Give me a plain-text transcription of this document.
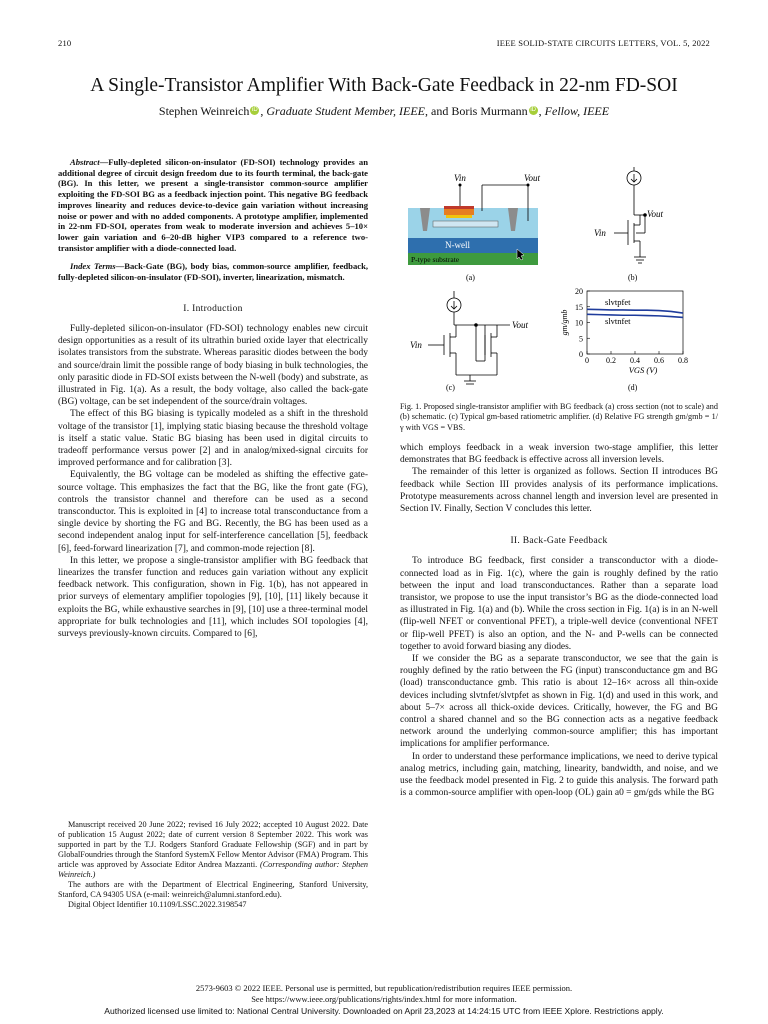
210	IEEE SOLID-STATE CIRCUITS LETTERS, VOL. 5, 2022
A Single-Transistor Amplifier With Back-Gate Feedback in 22-nm FD-SOI
Stephen Weinreich iD , Graduate Student Member, IEEE, and Boris Murmann iD , Fellow, IEEE

Abstract—Fully-depleted silicon-on-insulator (FD-SOI) technology provides an additional degree of circuit design freedom due to its fourth terminal, the back-gate (BG). In this letter, we present a single-transistor common-source amplifier exploiting the FD-SOI BG as a feedback injection point. This negative BG feedback improves linearity and reduces device-to-device gain variation without increasing noise or power and with no added components. A prototype amplifier, implemented in 22-nm FD-SOI, operates from weak to moderate inversion and achieves 5–10× lower gain variation and 6–20-dB higher VIP3 compared to a reference two-transistor amplifier with a diode-connected load.

Index Terms—Back-Gate (BG), body bias, common-source amplifier, feedback, fully-depleted silicon-on-insulator (FD-SOI), inverter, linearization, mismatch.

I. Introduction

Fully-depleted silicon-on-insulator (FD-SOI) technology enables new circuit design opportunities as a result of its ultrathin buried oxide layer that electrically isolates transistors from the substrate. Whereas parasitic diodes between the body and source/drain limit the possible range of body biasing in bulk technologies, the only parasitic diode in FD-SOI exists between the N-well (body) and substrate, as illustrated in Fig. 1(a). As a result, the body voltage, also called the back-gate (BG) voltage, can be set independent of the source/drain voltages.

The effect of this BG biasing is typically modeled as a shift in the threshold voltage of the transistor [1], implying static biasing because the threshold voltage is itself a static value. Static BG biasing has been used in digital circuits to tradeoff performance versus power [2] and in analog/mixed-signal circuits for improved performance and for calibration [3].

Equivalently, the BG voltage can be modeled as shifting the effective gate-source voltage. This emphasizes the fact that the BG, like the front gate (FG), controls the transistor channel and therefore can be used as a second transconductor. This is exploited in [4] to increase total transconductance from a single device by shorting the FG and BG. Recently, the BG has been used as a second independent analog input for self-interference cancellation [5], feedback [6], feed-forward linearization [7], and common-mode rejection [8].

In this letter, we propose a single-transistor amplifier with BG feedback that linearizes the transfer function and reduces gain variation without any explicit feedback network. This configuration, shown in Fig. 1(b), has not appeared in prior surveys of elementary amplifier topologies [9], [10], [11] likely because it exploits the BG, while exhaustive searches in [9], [10] use a three-terminal model appropriate for bulk technologies and [11], which includes SOI topologies [4], surveys previously-known circuits. Compared to [6],

Manuscript received 20 June 2022; revised 16 July 2022; accepted 10 August 2022. Date of publication 15 August 2022; date of current version 8 September 2022. This work was supported in part by the T.J. Rodgers Stanford Graduate Fellowship (SGF) and in part by GlobalFoundries through the Stanford SystemX Fellow Mentor Advisor (FMA) Program. This article was approved by Associate Editor Andrea Mazzanti. (Corresponding author: Stephen Weinreich.)

The authors are with the Department of Electrical Engineering, Stanford University, Stanford, CA 94305 USA (e-mail: weinreich@alumni.stanford.edu).

Digital Object Identifier 10.1109/LSSC.2022.3198547

Vin	Vout
N-well
P-type substrate
(a)
Vout
Vin
(b)
Vout
Vin
(c)
0
5
10
15
20
0 0.2 0.4 0.6 0.8
slvtpfet
slvtnfet
VGS (V)
gm/gmb
(d)

Fig. 1. Proposed single-transistor amplifier with BG feedback (a) cross section (not to scale) and (b) schematic. (c) Typical gm-based ratiometric amplifier. (d) Relative FG strength gm/gmb = 1/γ with VGS = VBS.

which employs feedback in a weak inversion two-stage amplifier, this letter demonstrates that BG feedback is effective across all inversion levels.

The remainder of this letter is organized as follows. Section II introduces BG feedback while Section III provides analysis of its performance implications. Prototype measurements across channel length and inversion level are presented in Section IV. Finally, Section V concludes this letter.

II. Back-Gate Feedback

To introduce BG feedback, first consider a transconductor with a diode-connected load as in Fig. 1(c), where the gain is roughly defined by the ratio between the input and load transconductances. Rather than a separate load transistor, we propose to use the input transistor’s BG as the diode-connected load as illustrated in Fig. 1(a) and (b). While the cross section in Fig. 1(a) is in an N-well (flip-well NFET or conventional PFET), a triple-well device (conventional NFET or flip-well PFET) is also an option, and the N- and P-wells can be connected together to avoid forward biasing any diodes.

If we consider the BG as a separate transconductor, we see that the gain is roughly defined by the ratio between the FG (input) transconductance gm and BG (load) transconductance gmb. This ratio is about 12–16× across all thin-oxide devices including slvtnfet/slvtpfet as shown in Fig. 1(d) and used in this work, and about 5–7× across all thick-oxide devices. Critically, however, the FG and BG control a shared channel and so the BG connection acts as a negative feedback network around the underlying common-source amplifier; this has important implications for amplifier performance.

In order to understand these performance implications, we need to derive typical analog metrics, including gain, matching, linearity, bandwidth, and noise, and we use the feedback model presented in Fig. 2 to guide this analysis. The forward path is a common-source amplifier with open-loop (OL) gain a0 = gm/gds while the BG

2573-9603 © 2022 IEEE. Personal use is permitted, but republication/redistribution requires IEEE permission.
See https://www.ieee.org/publications/rights/index.html for more information.
Authorized licensed use limited to: National Central University. Downloaded on April 23,2023 at 14:24:15 UTC from IEEE Xplore. Restrictions apply.
